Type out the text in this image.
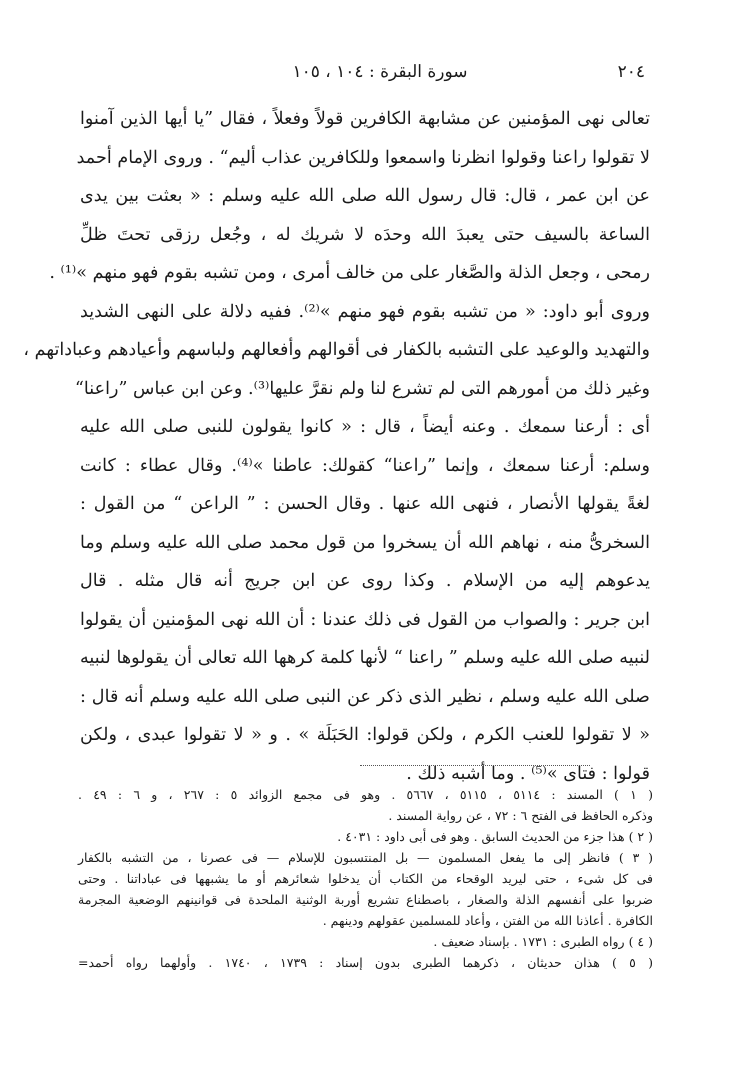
٢٠٤
سورة البقرة : ١٠٤ ، ١٠٥
تعالى نهى المؤمنين عن مشابهة الكافرين قولاً وفعلاً ، فقال ”يا أيها الذين آمنوا
لا تقولوا راعنا وقولوا انظرنا واسمعوا وللكافرين عذاب أليم“ . وروى الإمام أحمد
عن ابن عمر ، قال: قال رسول الله صلى الله عليه وسلم : « بعثت بين يدى
الساعة بالسيف حتى يعبدَ الله وحدَه لا شريك له ، وجُعل رزقى تحتَ ظلِّ
رمحى ، وجعل الذلة والصَّغار على من خالف أمرى ، ومن تشبه بقوم فهو منهم »⁽¹⁾ .
وروى أبو داود: « من تشبه بقوم فهو منهم »⁽²⁾. ففيه دلالة على النهى الشديد
والتهديد والوعيد على التشبه بالكفار فى أقوالهم وأفعالهم ولباسهم وأعيادهم وعباداتهم ،
وغير ذلك من أمورهم التى لم تشرع لنا ولم نقرَّ عليها⁽³⁾. وعن ابن عباس ”راعنا“
أى : أرعنا سمعك . وعنه أيضاً ، قال : « كانوا يقولون للنبى صلى الله عليه
وسلم: أرعنا سمعك ، وإنما ”راعنا“ كقولك: عاطنا »⁽⁴⁾. وقال عطاء : كانت
لغةً يقولها الأنصار ، فنهى الله عنها . وقال الحسن : ” الراعن “ من القول :
السخرىُّ منه ، نهاهم الله أن يسخروا من قول محمد صلى الله عليه وسلم وما
يدعوهم إليه من الإسلام . وكذا روى عن ابن جريج أنه قال مثله . قال
ابن جرير : والصواب من القول فى ذلك عندنا : أن الله نهى المؤمنين أن يقولوا
لنبيه صلى الله عليه وسلم ” راعنا “ لأنها كلمة كرهها الله تعالى أن يقولوها لنبيه
صلى الله عليه وسلم ، نظير الذى ذكر عن النبى صلى الله عليه وسلم أنه قال :
« لا تقولوا للعنب الكرم ، ولكن قولوا: الحَبَلَة » . و « لا تقولوا عبدى ، ولكن
قولوا : فتاى »⁽⁵⁾ . وما أشبه ذلك .
( ١ ) المسند : ٥١١٤ ، ٥١١٥ ، ٥٦٦٧ . وهو فى مجمع الزوائد ٥ : ٢٦٧ ، و ٦ : ٤٩ .
وذكره الحافظ فى الفتح ٦ : ٧٢ ، عن رواية المسند .
( ٢ ) هذا جزء من الحديث السابق . وهو فى أبى داود : ٤٠٣١ .
( ٣ ) فانظر إلى ما يفعل المسلمون — بل المنتسبون للإسلام — فى عصرنا ، من التشبه بالكفار
فى كل شىء ، حتى ليريد الوقحاء من الكتاب أن يدخلوا شعائرهم أو ما يشبهها فى عباداتنا . وحتى
ضربوا على أنفسهم الذلة والصغار ، باصطناع تشريع أوربة الوثنية الملحدة فى قوانينهم الوضعية المجرمة
الكافرة . أعاذنا الله من الفتن ، وأعاد للمسلمين عقولهم ودينهم .
( ٤ ) رواه الطبرى : ١٧٣١ . بإسناد ضعيف .
( ٥ ) هذان حديثان ، ذكرهما الطبرى بدون إسناد : ١٧٣٩ ، ١٧٤٠ . وأولهما رواه أحمد=
